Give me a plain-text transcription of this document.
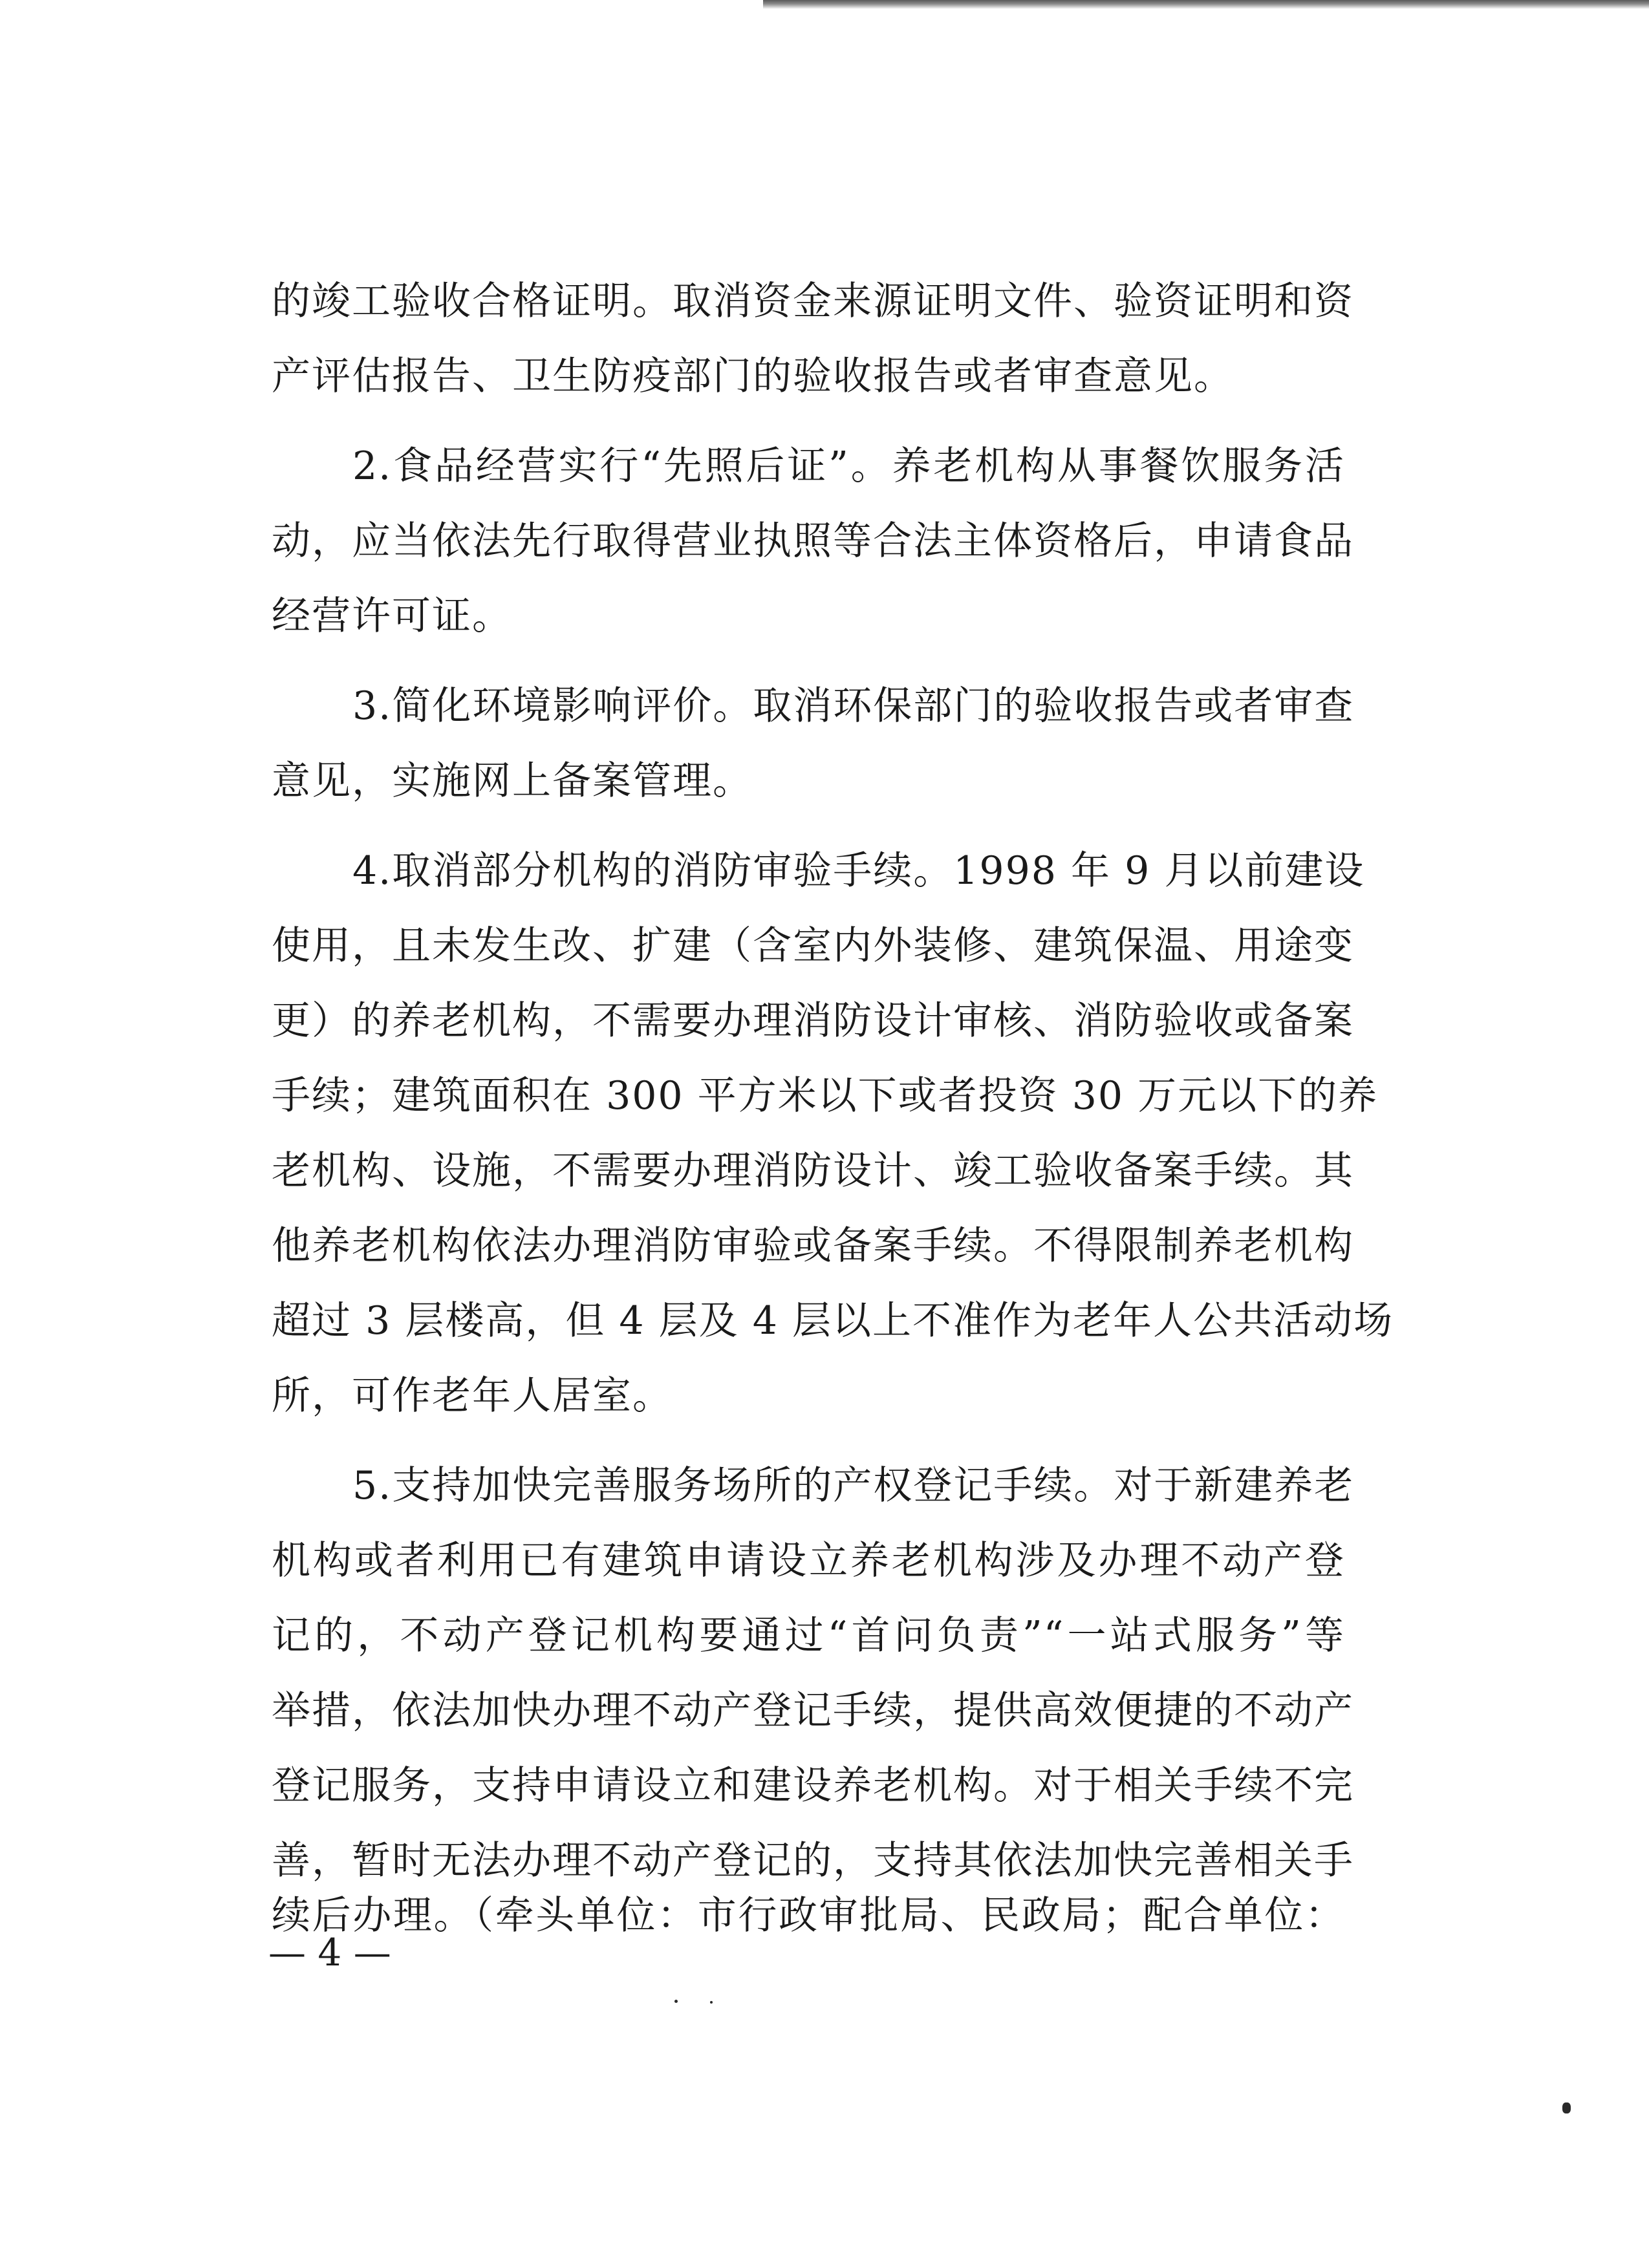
的竣工验收合格证明。取消资金来源证明文件、验资证明和资
产评估报告、卫生防疫部门的验收报告或者审查意见。
2.食品经营实行“先照后证”。养老机构从事餐饮服务活
动，应当依法先行取得营业执照等合法主体资格后，申请食品
经营许可证。
3.简化环境影响评价。取消环保部门的验收报告或者审查
意见，实施网上备案管理。
4.取消部分机构的消防审验手续。1998 年 9 月以前建设
使用，且未发生改、扩建（含室内外装修、建筑保温、用途变
更）的养老机构，不需要办理消防设计审核、消防验收或备案
手续；建筑面积在 300 平方米以下或者投资 30 万元以下的养
老机构、设施，不需要办理消防设计、竣工验收备案手续。其
他养老机构依法办理消防审验或备案手续。不得限制养老机构
超过 3 层楼高，但 4 层及 4 层以上不准作为老年人公共活动场
所，可作老年人居室。
5.支持加快完善服务场所的产权登记手续。对于新建养老
机构或者利用已有建筑申请设立养老机构涉及办理不动产登
记的，不动产登记机构要通过“首问负责”“一站式服务”等
举措，依法加快办理不动产登记手续，提供高效便捷的不动产
登记服务，支持申请设立和建设养老机构。对于相关手续不完
善，暂时无法办理不动产登记的，支持其依法加快完善相关手
续后办理。（牵头单位：市行政审批局、民政局；配合单位：
— 4 —
